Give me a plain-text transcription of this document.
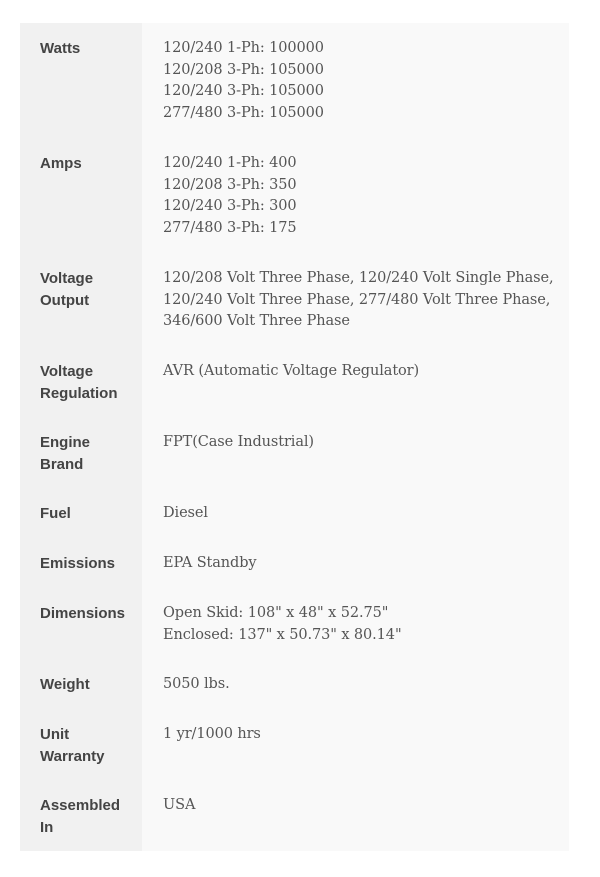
Watts	120/240 1-Ph: 100000
120/208 3-Ph: 105000
120/240 3-Ph: 105000
277/480 3-Ph: 105000

Amps	120/240 1-Ph: 400
120/208 3-Ph: 350
120/240 3-Ph: 300
277/480 3-Ph: 175

Voltage
Output	120/208 Volt Three Phase, 120/240 Volt Single Phase,
120/240 Volt Three Phase, 277/480 Volt Three Phase,
346/600 Volt Three Phase

Voltage
Regulation	AVR (Automatic Voltage Regulator)

Engine
Brand	FPT(Case Industrial)

Fuel	Diesel

Emissions	EPA Standby

Dimensions	Open Skid: 108" x 48" x 52.75"
Enclosed: 137" x 50.73" x 80.14"

Weight	5050 lbs.

Unit
Warranty	1 yr/1000 hrs

Assembled
In	USA
